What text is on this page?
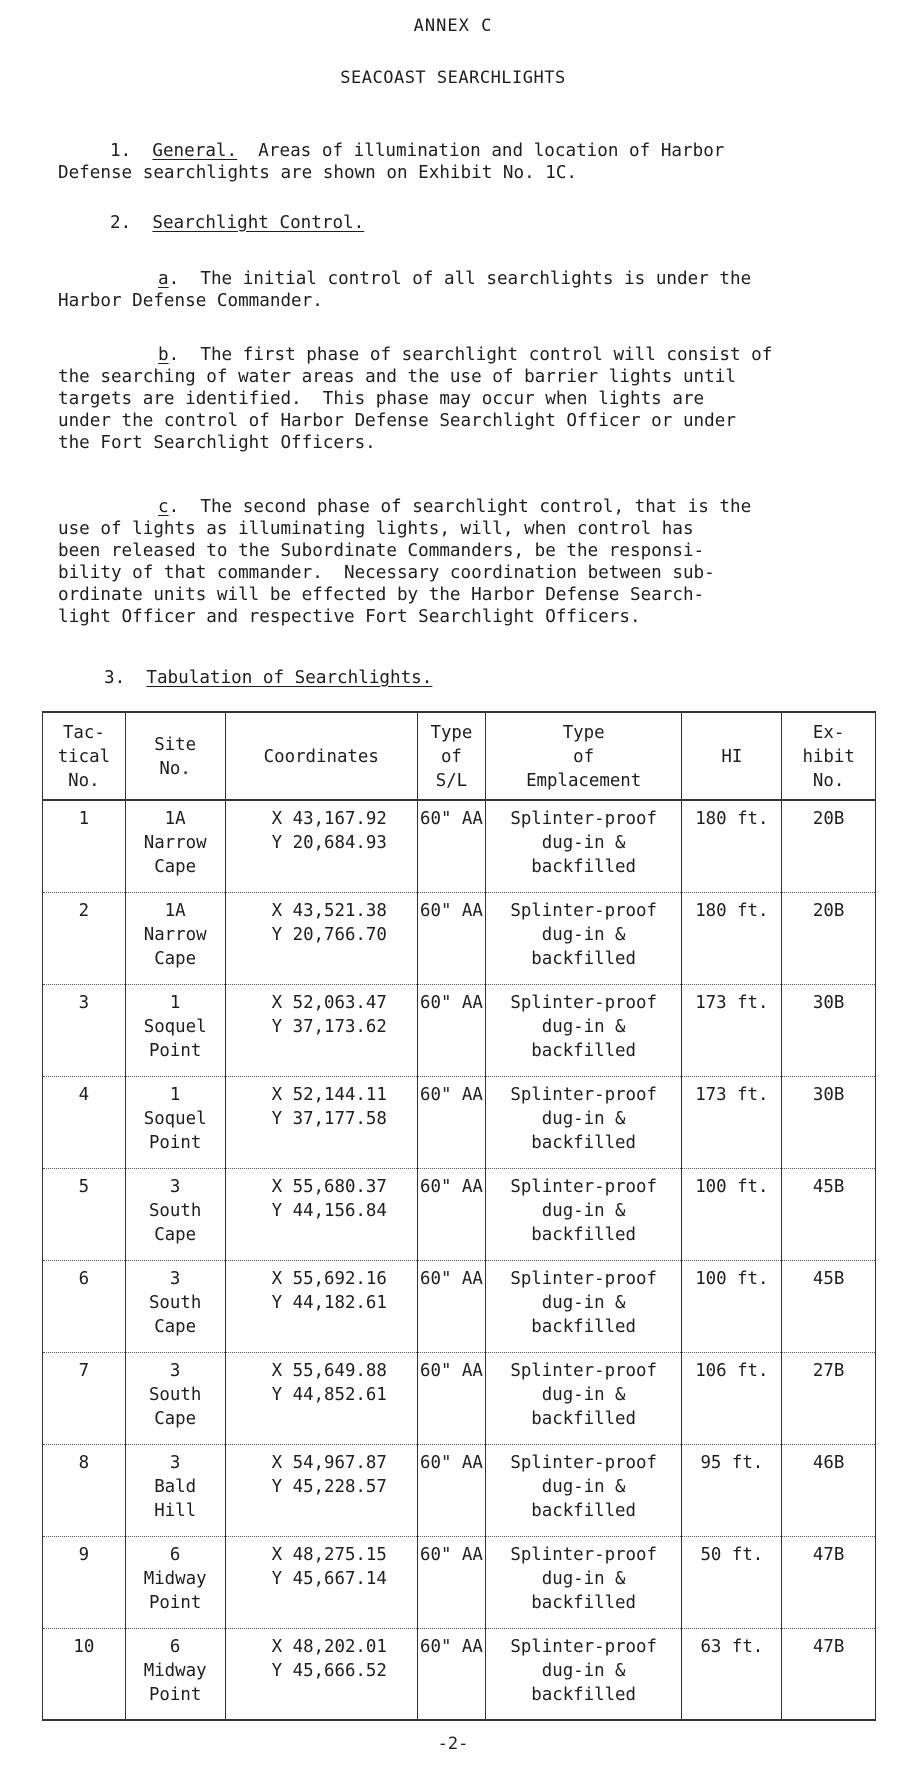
ANNEX C
SEACOAST SEARCHLIGHTS

1. General.  Areas of illumination and location of Harbor
Defense searchlights are shown on Exhibit No. 1C.

2. Searchlight Control.

a.  The initial control of all searchlights is under the
Harbor Defense Commander.

b.  The first phase of searchlight control will consist of
the searching of water areas and the use of barrier lights until
targets are identified.  This phase may occur when lights are
under the control of Harbor Defense Searchlight Officer or under
the Fort Searchlight Officers.

c.  The second phase of searchlight control, that is the
use of lights as illuminating lights, will, when control has
been released to the Subordinate Commanders, be the responsi-
bility of that commander.  Necessary coordination between sub-
ordinate units will be effected by the Harbor Defense Search-
light Officer and respective Fort Searchlight Officers.

3. Tabulation of Searchlights.
Tac-
tical
No.	Site
No.	Coordinates	Type
of
S/L	Type
of
Emplacement	HI	Ex-
hibit
No.
1	1A
Narrow
Cape	X 43,167.92
Y 20,684.93	60" AA	Splinter-proof
dug-in &
backfilled	180 ft.	20B
2	1A
Narrow
Cape	X 43,521.38
Y 20,766.70	60" AA	Splinter-proof
dug-in &
backfilled	180 ft.	20B
3	1
Soquel
Point	X 52,063.47
Y 37,173.62	60" AA	Splinter-proof
dug-in &
backfilled	173 ft.	30B
4	1
Soquel
Point	X 52,144.11
Y 37,177.58	60" AA	Splinter-proof
dug-in &
backfilled	173 ft.	30B
5	3
South
Cape	X 55,680.37
Y 44,156.84	60" AA	Splinter-proof
dug-in &
backfilled	100 ft.	45B
6	3
South
Cape	X 55,692.16
Y 44,182.61	60" AA	Splinter-proof
dug-in &
backfilled	100 ft.	45B
7	3
South
Cape	X 55,649.88
Y 44,852.61	60" AA	Splinter-proof
dug-in &
backfilled	106 ft.	27B
8	3
Bald
Hill	X 54,967.87
Y 45,228.57	60" AA	Splinter-proof
dug-in &
backfilled	95 ft.	46B
9	6
Midway
Point	X 48,275.15
Y 45,667.14	60" AA	Splinter-proof
dug-in &
backfilled	50 ft.	47B
10	6
Midway
Point	X 48,202.01
Y 45,666.52	60" AA	Splinter-proof
dug-in &
backfilled	63 ft.	47B
-2-
